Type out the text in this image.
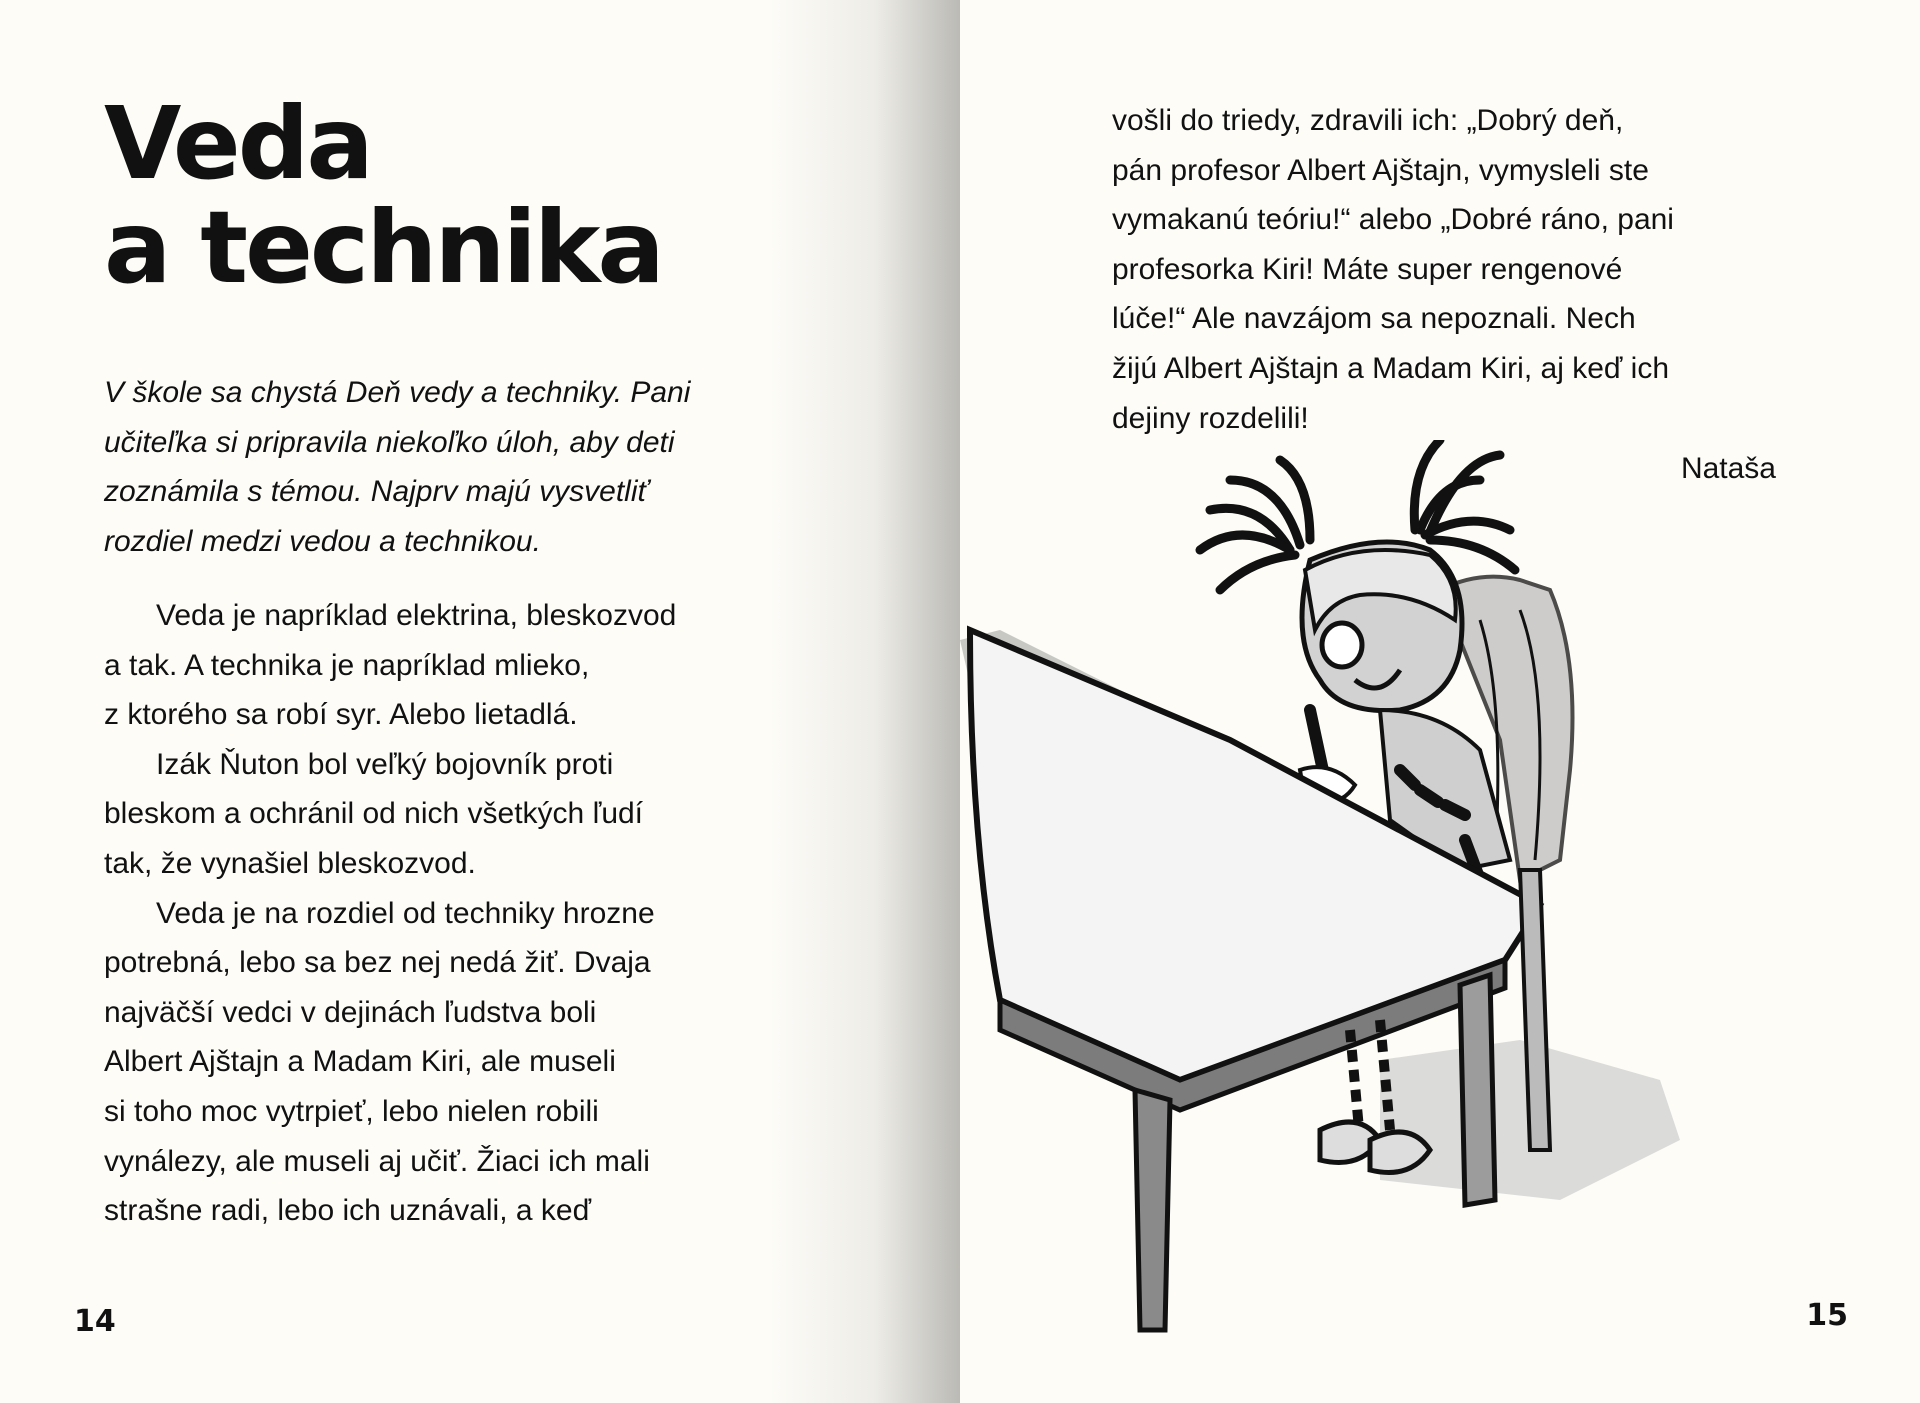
Veda
a technika
V škole sa chystá Deň vedy a techniky. Pani
učiteľka si pripravila niekoľko úloh, aby deti
zoznámila s témou. Najprv majú vysvetliť
rozdiel medzi vedou a technikou.
Veda je napríklad elektrina, bleskozvod
a tak. A technika je napríklad mlieko,
z ktorého sa robí syr. Alebo lietadlá.
Izák Ňuton bol veľký bojovník proti
bleskom a ochránil od nich všetkých ľudí
tak, že vynašiel bleskozvod.
Veda je na rozdiel od techniky hrozne
potrebná, lebo sa bez nej nedá žiť. Dvaja
najväčší vedci v dejinách ľudstva boli
Albert Ajštajn a Madam Kiri, ale museli
si toho moc vytrpieť, lebo nielen robili
vynálezy, ale museli aj učiť. Žiaci ich mali
strašne radi, lebo ich uznávali, a keď
14
vošli do triedy, zdravili ich: „Dobrý deň,
pán profesor Albert Ajštajn, vymysleli ste
vymakanú teóriu!“ alebo „Dobré ráno, pani
profesorka Kiri! Máte super rengenové
lúče!“ Ale navzájom sa nepoznali. Nech
žijú Albert Ajštajn a Madam Kiri, aj keď ich
dejiny rozdelili!
Nataša
15
